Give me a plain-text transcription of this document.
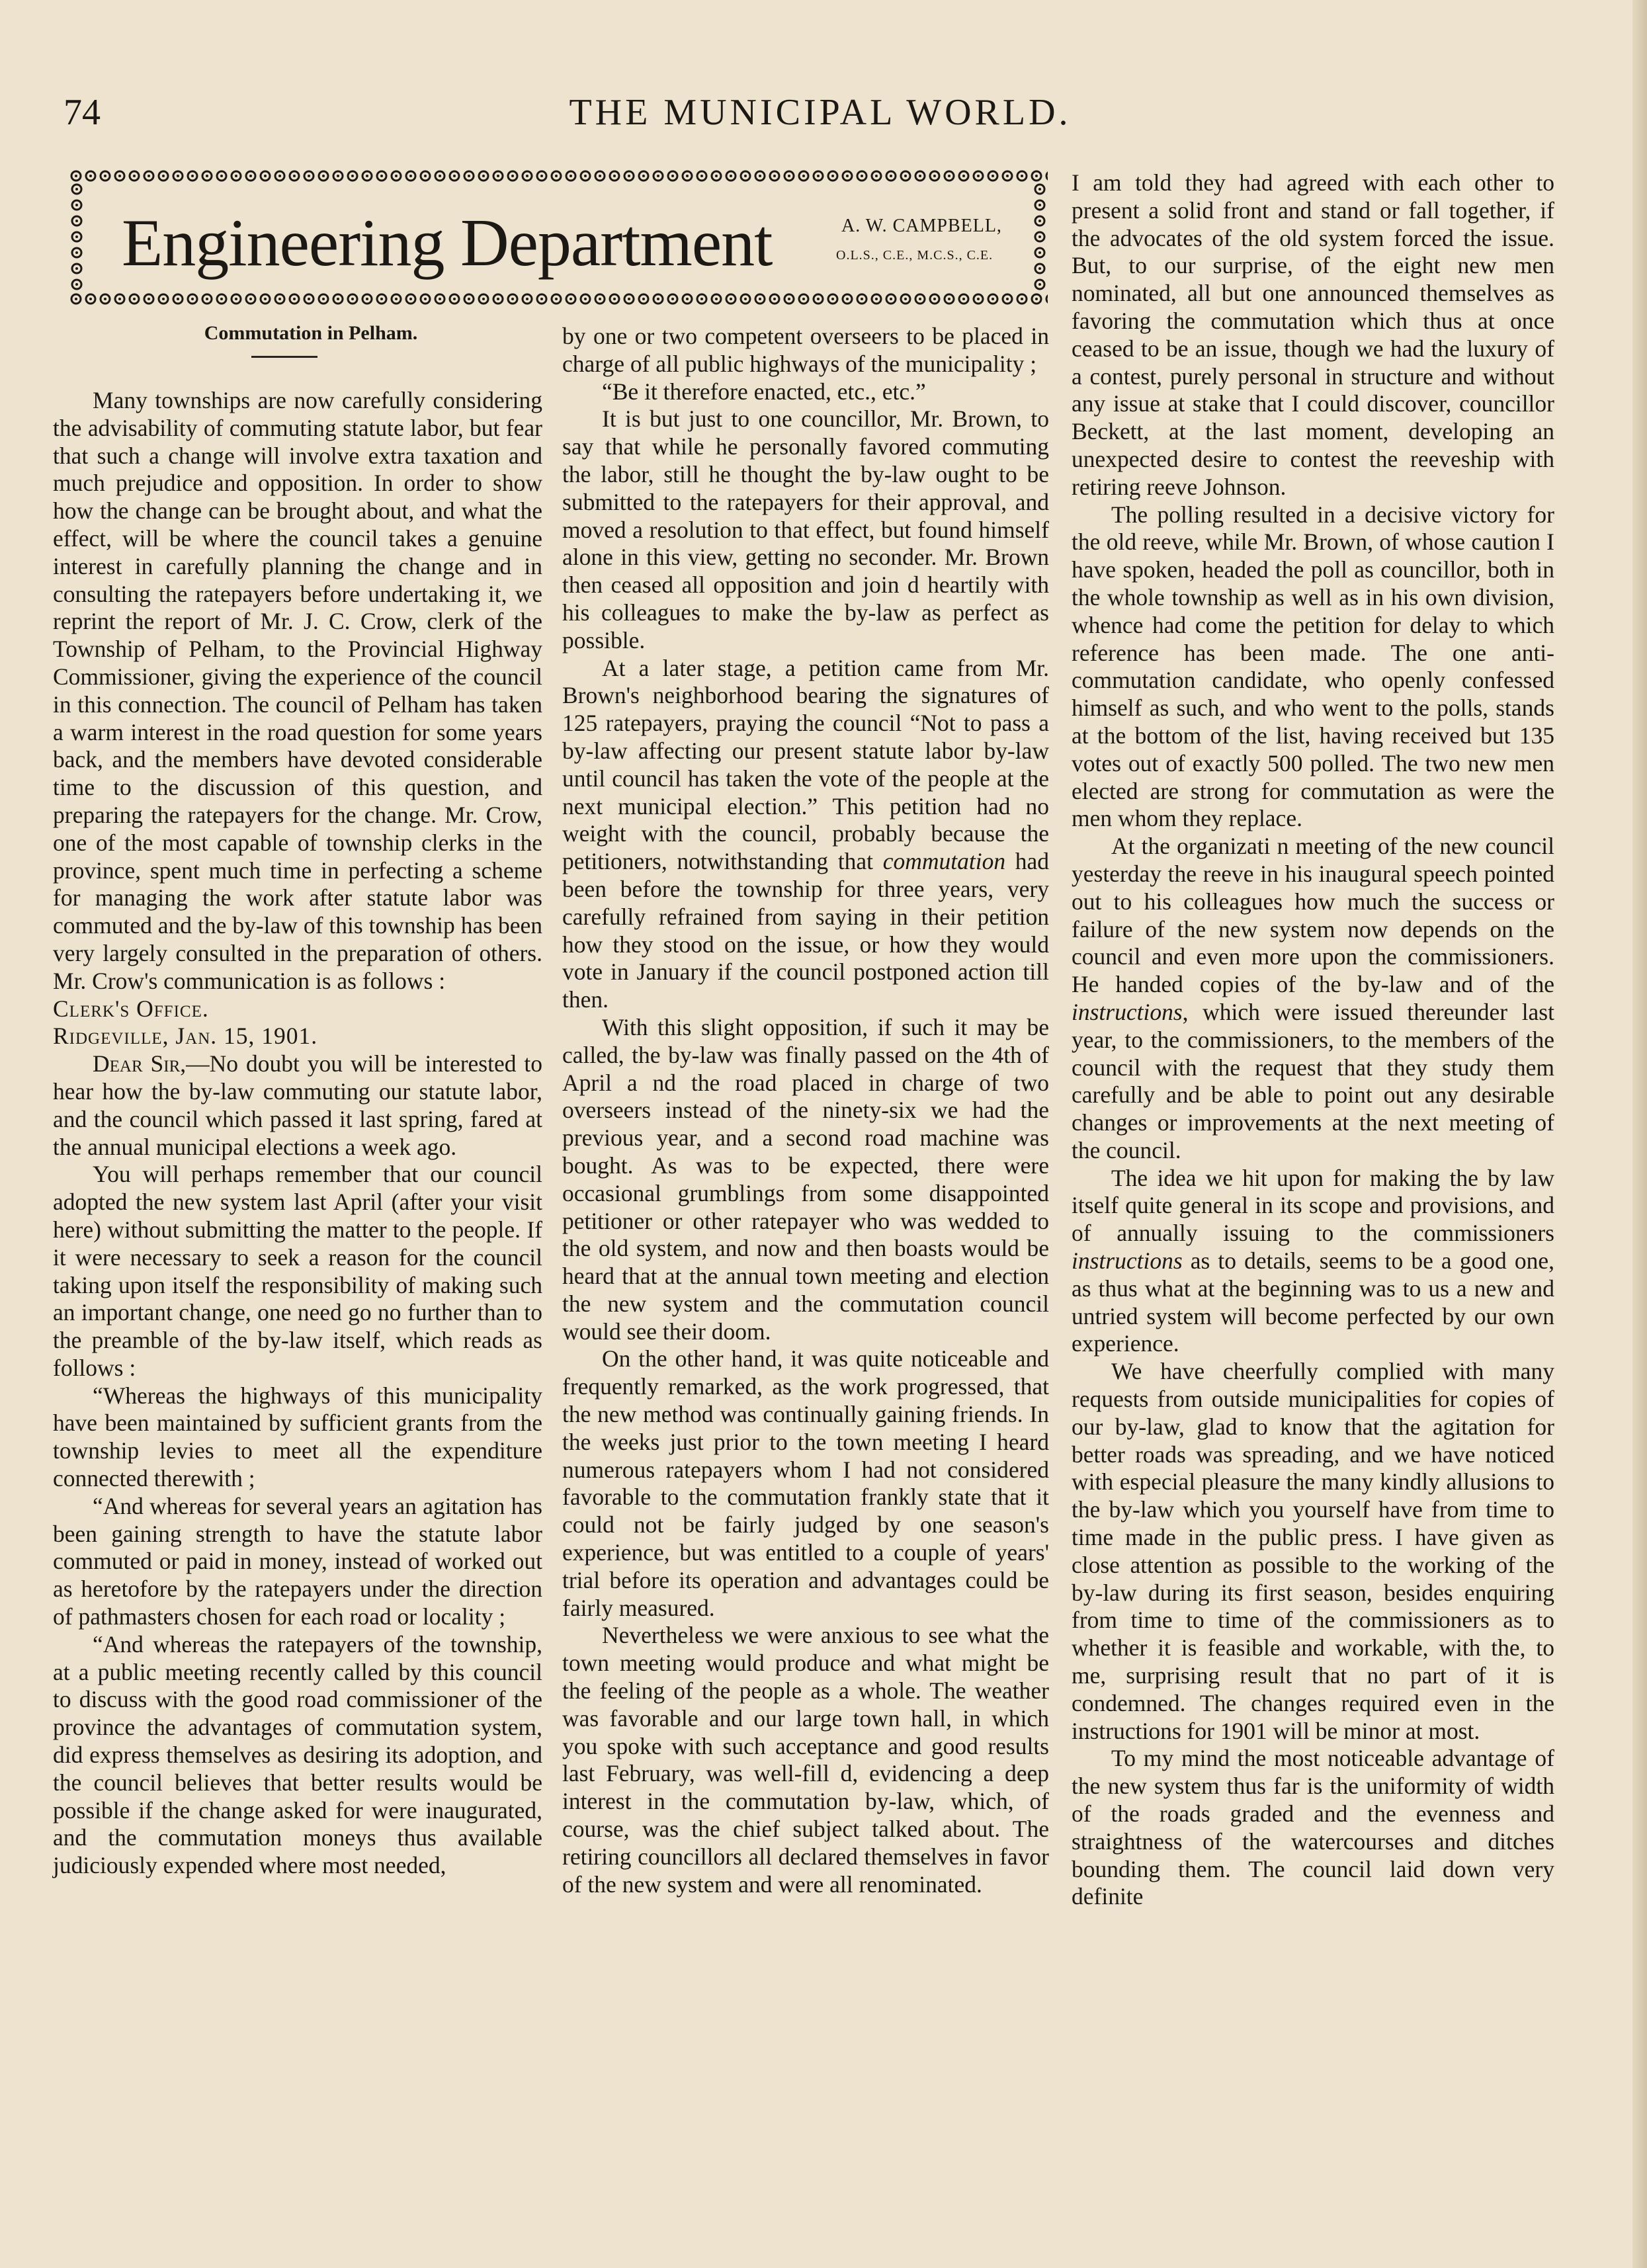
74	THE MUNICIPAL WORLD.
Engineering Department	A. W. CAMPBELL,
O.L.S., C.E., M.C.S., C.E.
Commutation in Pelham.

Many townships are now carefully considering the advisability of commuting statute labor, but fear that such a change will involve extra taxation and much prejudice and opposition. In order to show how the change can be brought about, and what the effect, will be where the council takes a genuine interest in carefully planning the change and in consulting the ratepayers before undertaking it, we reprint the report of Mr. J. C. Crow, clerk of the Township of Pelham, to the Provincial Highway Commissioner, giving the experience of the council in this connection. The council of Pelham has taken a warm interest in the road question for some years back, and the members have devoted considerable time to the discussion of this question, and preparing the ratepayers for the change. Mr. Crow, one of the most capable of township clerks in the province, spent much time in perfecting a scheme for managing the work after statute labor was commuted and the by-law of this township has been very largely consulted in the preparation of others. Mr. Crow's communication is as follows :

Clerk's Office.

Ridgeville, Jan. 15, 1901.

Dear Sir,—No doubt you will be interested to hear how the by-law commuting our statute labor, and the council which passed it last spring, fared at the annual municipal elections a week ago.

You will perhaps remember that our council adopted the new system last April (after your visit here) without submitting the matter to the people. If it were necessary to seek a reason for the council taking upon itself the responsibility of making such an important change, one need go no further than to the preamble of the by-law itself, which reads as follows :

“Whereas the highways of this municipality have been maintained by sufficient grants from the township levies to meet all the expenditure connected therewith ;

“And whereas for several years an agitation has been gaining strength to have the statute labor commuted or paid in money, instead of worked out as heretofore by the ratepayers under the direction of pathmasters chosen for each road or locality ;

“And whereas the ratepayers of the township, at a public meeting recently called by this council to discuss with the good road commissioner of the province the advantages of commutation system, did express themselves as desiring its adoption, and the council believes that better results would be possible if the change asked for were inaugurated, and the commutation moneys thus available judiciously expended where most needed,

by one or two competent overseers to be placed in charge of all public highways of the municipality ;

“Be it therefore enacted, etc., etc.”

It is but just to one councillor, Mr. Brown, to say that while he personally favored commuting the labor, still he thought the by-law ought to be submitted to the ratepayers for their approval, and moved a resolution to that effect, but found himself alone in this view, getting no seconder. Mr. Brown then ceased all opposition and join d heartily with his colleagues to make the by-law as perfect as possible.

At a later stage, a petition came from Mr. Brown's neighborhood bearing the signatures of 125 ratepayers, praying the council “Not to pass a by-law affecting our present statute labor by-law until council has taken the vote of the people at the next municipal election.” This petition had no weight with the council, probably because the petitioners, notwithstanding that commutation had been before the township for three years, very carefully refrained from saying in their petition how they stood on the issue, or how they would vote in January if the council postponed action till then.

With this slight opposition, if such it may be called, the by-law was finally passed on the 4th of April a nd the road placed in charge of two overseers instead of the ninety-six we had the previous year, and a second road machine was bought. As was to be expected, there were occasional grumblings from some disappointed petitioner or other ratepayer who was wedded to the old system, and now and then boasts would be heard that at the annual town meeting and election the new system and the commutation council would see their doom.

On the other hand, it was quite noticeable and frequently remarked, as the work progressed, that the new method was continually gaining friends. In the weeks just prior to the town meeting I heard numerous ratepayers whom I had not considered favorable to the commutation frankly state that it could not be fairly judged by one season's experience, but was entitled to a couple of years' trial before its operation and advantages could be fairly measured.

Nevertheless we were anxious to see what the town meeting would produce and what might be the feeling of the people as a whole. The weather was favorable and our large town hall, in which you spoke with such acceptance and good results last February, was well-fill d, evidencing a deep interest in the commutation by-law, which, of course, was the chief subject talked about. The retiring councillors all declared themselves in favor of the new system and were all renominated.

I am told they had agreed with each other to present a solid front and stand or fall together, if the advocates of the old system forced the issue. But, to our surprise, of the eight new men nominated, all but one announced themselves as favoring the commutation which thus at once ceased to be an issue, though we had the luxury of a contest, purely personal in structure and without any issue at stake that I could discover, councillor Beckett, at the last moment, developing an unexpected desire to contest the reeveship with retiring reeve Johnson.

The polling resulted in a decisive victory for the old reeve, while Mr. Brown, of whose caution I have spoken, headed the poll as councillor, both in the whole township as well as in his own division, whence had come the petition for delay to which reference has been made. The one anti-commutation candidate, who openly confessed himself as such, and who went to the polls, stands at the bottom of the list, having received but 135 votes out of exactly 500 polled. The two new men elected are strong for commutation as were the men whom they replace.

At the organizati n meeting of the new council yesterday the reeve in his inaugural speech pointed out to his colleagues how much the success or failure of the new system now depends on the council and even more upon the commissioners. He handed copies of the by-law and of the instructions, which were issued thereunder last year, to the commissioners, to the members of the council with the request that they study them carefully and be able to point out any desirable changes or improvements at the next meeting of the council.

The idea we hit upon for making the by law itself quite general in its scope and provisions, and of annually issuing to the commissioners instructions as to details, seems to be a good one, as thus what at the beginning was to us a new and untried system will become perfected by our own experience.

We have cheerfully complied with many requests from outside municipalities for copies of our by-law, glad to know that the agitation for better roads was spreading, and we have noticed with especial pleasure the many kindly allusions to the by-law which you yourself have from time to time made in the public press. I have given as close attention as possible to the working of the by-law during its first season, besides enquiring from time to time of the commissioners as to whether it is feasible and workable, with the, to me, surprising result that no part of it is condemned. The changes required even in the instructions for 1901 will be minor at most.

To my mind the most noticeable advantage of the new system thus far is the uniformity of width of the roads graded and the evenness and straightness of the watercourses and ditches bounding them. The council laid down very definite
